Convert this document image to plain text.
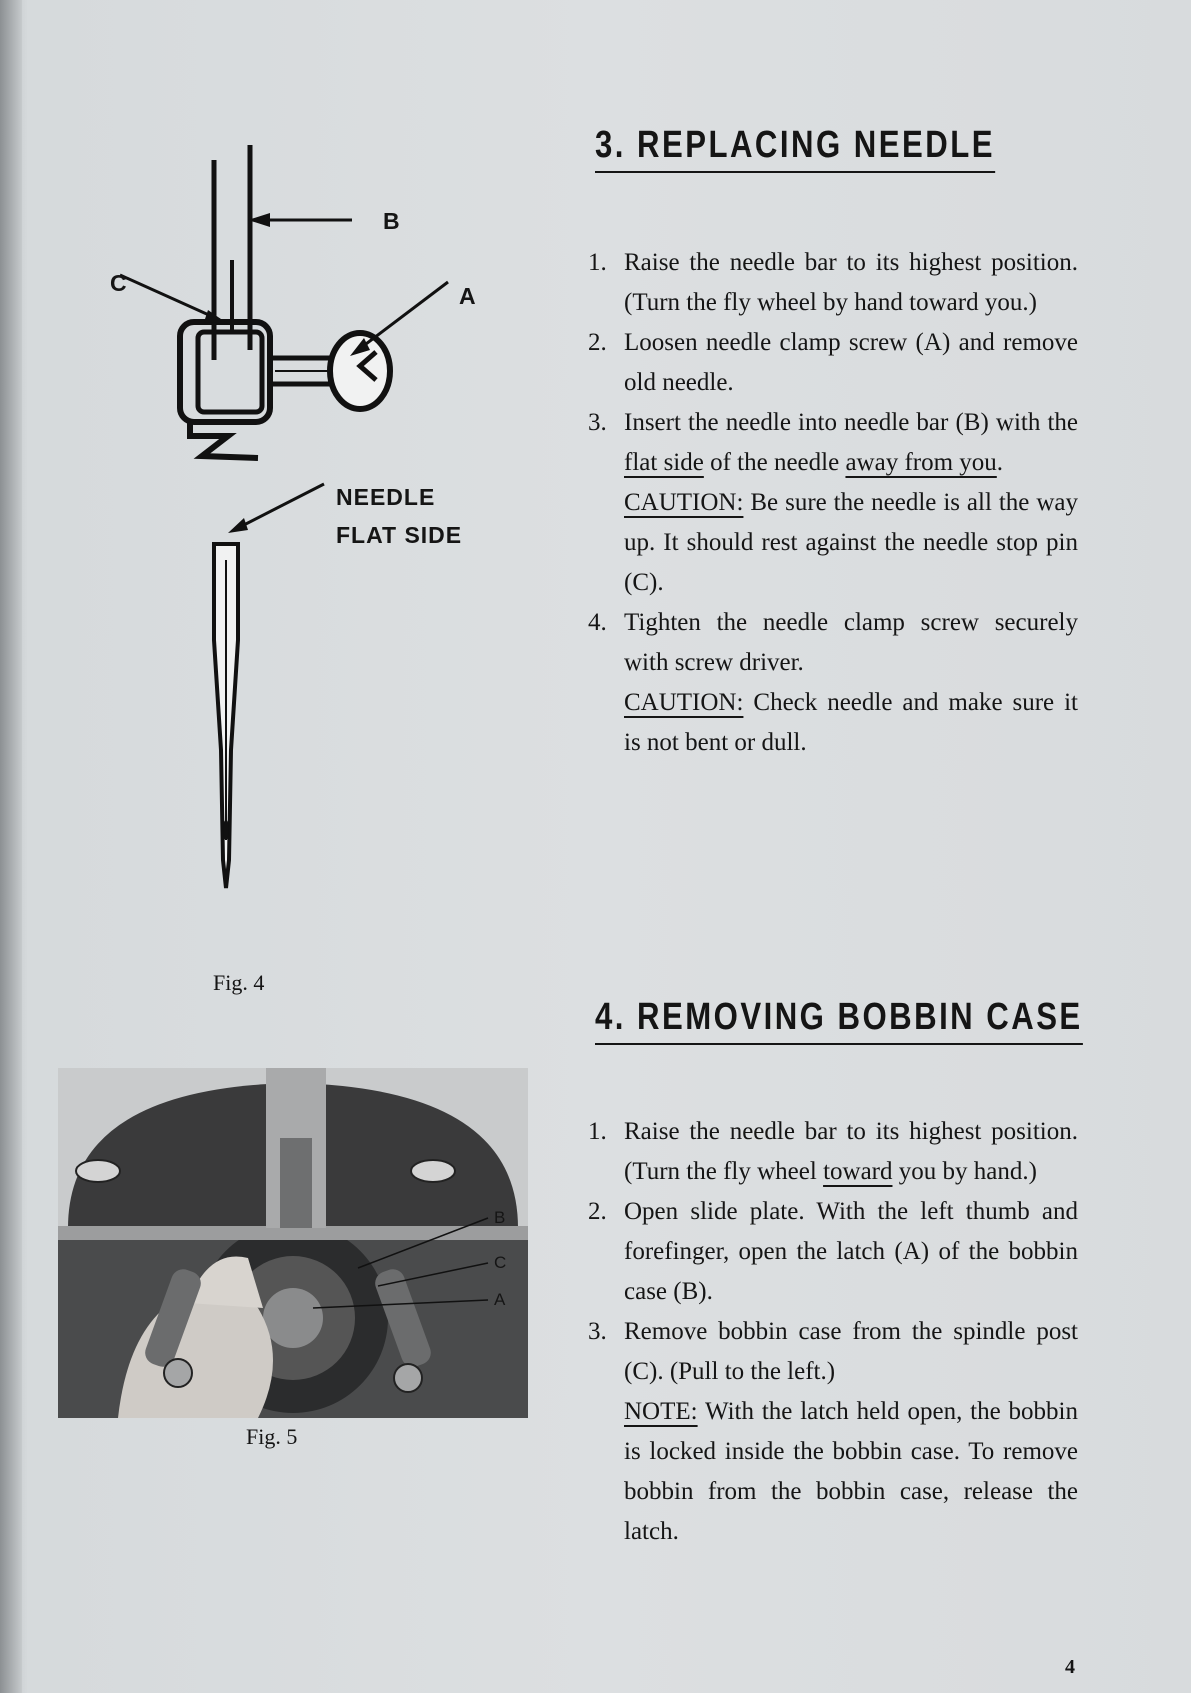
B
C	A
NEEDLE
FLAT SIDE
Fig. 4
B
C
A
Fig. 5
3. REPLACING NEEDLE
1. Raise the needle bar to its highest position. (Turn the fly wheel by hand toward you.)
2. Loosen needle clamp screw (A) and remove old needle.
3. Insert the needle into needle bar (B) with the flat side of the needle away from you.
CAUTION: Be sure the needle is all the way up. It should rest against the needle stop pin (C).
4. Tighten the needle clamp screw securely with screw driver.
CAUTION: Check needle and make sure it is not bent or dull.
4. REMOVING BOBBIN CASE
1. Raise the needle bar to its highest position. (Turn the fly wheel toward you by hand.)
2. Open slide plate. With the left thumb and forefinger, open the latch (A) of the bobbin case (B).
3. Remove bobbin case from the spindle post (C). (Pull to the left.)
NOTE: With the latch held open, the bobbin is locked inside the bobbin case. To remove bobbin from the bobbin case, release the latch.
4
